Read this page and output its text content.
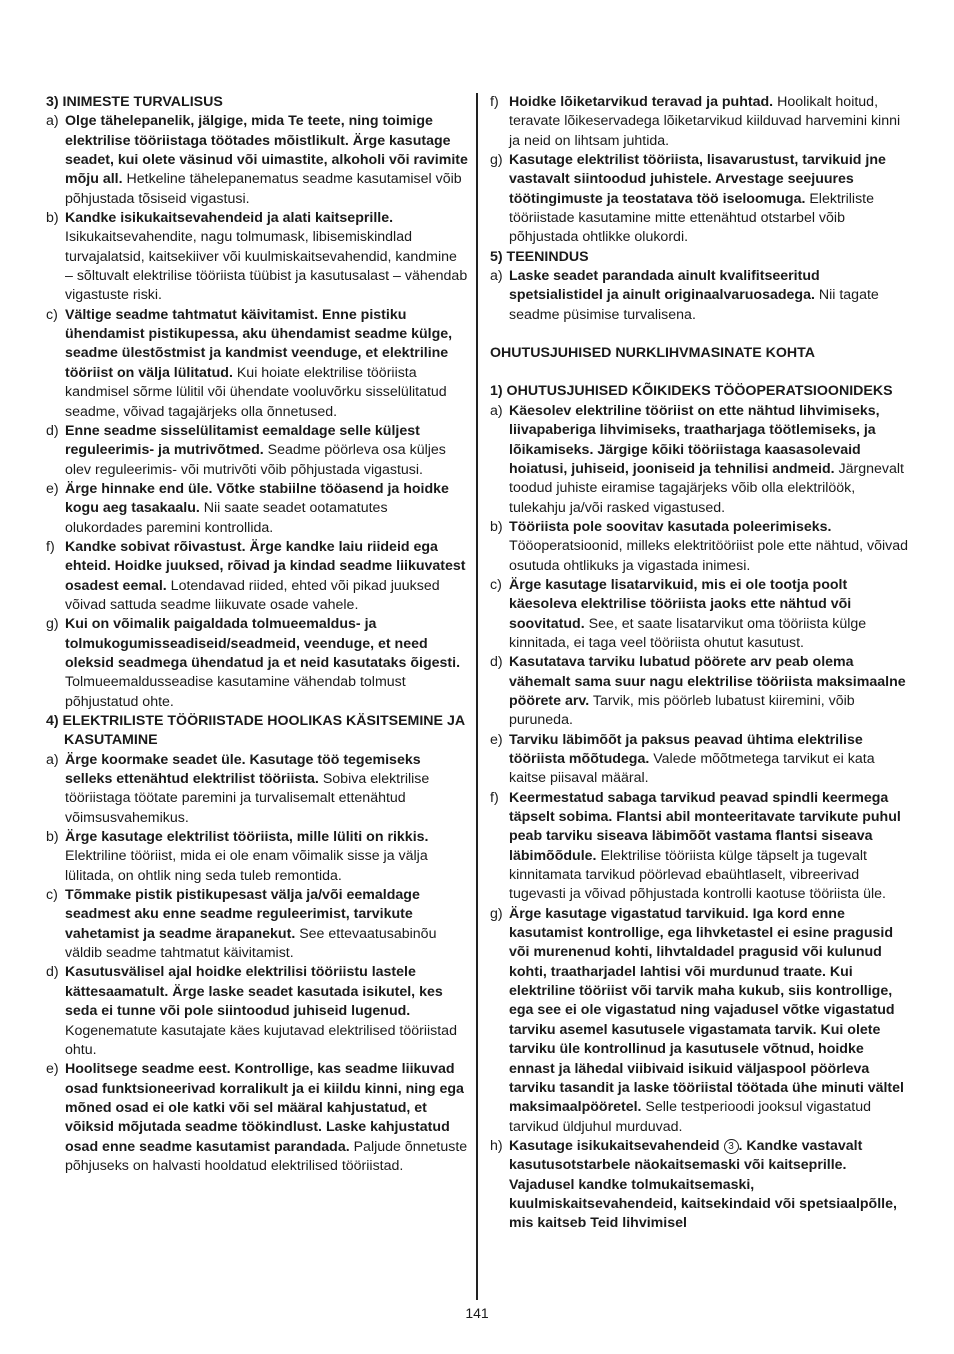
3) INIMESTE TURVALISUS
a) Olge tähelepanelik, jälgige, mida Te teete, ning toimige elektrilise tööriistaga töötades mõistlikult. Ärge kasutage seadet, kui olete väsinud või uimastite, alkoholi või ravimite mõju all. Hetkeline tähelepanematus seadme kasutamisel võib põhjustada tõsiseid vigastusi.
b) Kandke isikukaitsevahendeid ja alati kaitseprille. Isikukaitsevahendite, nagu tolmumask, libisemiskindlad turvajalatsid, kaitsekiiver või kuulmiskaitsevahendid, kandmine – sõltuvalt elektrilise tööriista tüübist ja kasutusalast – vähendab vigastuste riski.
c) Vältige seadme tahtmatut käivitamist. Enne pistiku ühendamist pistikupessa, aku ühendamist seadme külge, seadme ülestõstmist ja kandmist veenduge, et elektriline tööriist on välja lülitatud. Kui hoiate elektrilise tööriista kandmisel sõrme lülitil või ühendate vooluvõrku sisselülitatud seadme, võivad tagajärjeks olla õnnetused.
d) Enne seadme sisselülitamist eemaldage selle küljest reguleerimis- ja mutrivõtmed. Seadme pöörleva osa küljes olev reguleerimis- või mutrivõti võib põhjustada vigastusi.
e) Ärge hinnake end üle. Võtke stabiilne tööasend ja hoidke kogu aeg tasakaalu. Nii saate seadet ootamatutes olukordades paremini kontrollida.
f) Kandke sobivat rõivastust. Ärge kandke laiu riideid ega ehteid. Hoidke juuksed, rõivad ja kindad seadme liikuvatest osadest eemal. Lotendavad riided, ehted või pikad juuksed võivad sattuda seadme liikuvate osade vahele.
g) Kui on võimalik paigaldada tolmueemaldus- ja tolmukogumisseadiseid/seadmeid, veenduge, et need oleksid seadmega ühendatud ja et neid kasutataks õigesti. Tolmueemaldusseadise kasutamine vähendab tolmust põhjustatud ohte.
4) ELEKTRILISTE TÖÖRIISTADE HOOLIKAS KÄSITSEMINE JA KASUTAMINE
a) Ärge koormake seadet üle. Kasutage töö tegemiseks selleks ettenähtud elektrilist tööriista. Sobiva elektrilise tööriistaga töötate paremini ja turvalisemalt ettenähtud võimsusvahemikus.
b) Ärge kasutage elektrilist tööriista, mille lüliti on rikkis. Elektriline tööriist, mida ei ole enam võimalik sisse ja välja lülitada, on ohtlik ning seda tuleb remontida.
c) Tõmmake pistik pistikupesast välja ja/või eemaldage seadmest aku enne seadme reguleerimist, tarvikute vahetamist ja seadme ärapanekut. See ettevaatusabinõu väldib seadme tahtmatut käivitamist.
d) Kasutusvälisel ajal hoidke elektrilisi tööriistu lastele kättesaamatult. Ärge laske seadet kasutada isikutel, kes seda ei tunne või pole siintoodud juhiseid lugenud. Kogenematute kasutajate käes kujutavad elektrilised tööriistad ohtu.
e) Hoolitsege seadme eest. Kontrollige, kas seadme liikuvad osad funktsioneerivad korralikult ja ei kiildu kinni, ning ega mõned osad ei ole katki või sel määral kahjustatud, et võiksid mõjutada seadme töökindlust. Laske kahjustatud osad enne seadme kasutamist parandada. Paljude õnnetuste põhjuseks on halvasti hooldatud elektrilised tööriistad.
f) Hoidke lõiketarvikud teravad ja puhtad. Hoolikalt hoitud, teravate lõikeservadega lõiketarvikud kiilduvad harvemini kinni ja neid on lihtsam juhtida.
g) Kasutage elektrilist tööriista, lisavarustust, tarvikuid jne vastavalt siintoodud juhistele. Arvestage seejuures töötingimuste ja teostatava töö iseloomuga. Elektriliste tööriistade kasutamine mitte ettenähtud otstarbel võib põhjustada ohtlikke olukordi.
5) TEENINDUS
a) Laske seadet parandada ainult kvalifitseeritud spetsialistidel ja ainult originaalvaruosadega. Nii tagate seadme püsimise turvalisena.
OHUTUSJUHISED NURKLIHVMASINATE KOHTA
1) OHUTUSJUHISED KÕIKIDEKS TÖÖOPERATSIOONIDEKS
a) Käesolev elektriline tööriist on ette nähtud lihvimiseks, liivapaberiga lihvimiseks, traatharjaga töötlemiseks, ja lõikamiseks. Järgige kõiki tööriistaga kaasasolevaid hoiatusi, juhiseid, jooniseid ja tehnilisi andmeid. Järgnevalt toodud juhiste eiramise tagajärjeks võib olla elektrilöök, tulekahju ja/või rasked vigastused.
b) Tööriista pole soovitav kasutada poleerimiseks. Tööoperatsioonid, milleks elektritööriist pole ette nähtud, võivad osutuda ohtlikuks ja vigastada inimesi.
c) Ärge kasutage lisatarvikuid, mis ei ole tootja poolt käesoleva elektrilise tööriista jaoks ette nähtud või soovitatud. See, et saate lisatarvikut oma tööriista külge kinnitada, ei taga veel tööriista ohutut kasutust.
d) Kasutatava tarviku lubatud pöörete arv peab olema vähemalt sama suur nagu elektrilise tööriista maksimaalne pöörete arv. Tarvik, mis pöörleb lubatust kiiremini, võib puruneda.
e) Tarviku läbimõõt ja paksus peavad ühtima elektrilise tööriista mõõtudega. Valede mõõtmetega tarvikut ei kata kaitse piisaval määral.
f) Keermestatud sabaga tarvikud peavad spindli keermega täpselt sobima. Flantsi abil monteeritavate tarvikute puhul peab tarviku siseava läbimõõt vastama flantsi siseava läbimõõdule. Elektrilise tööriista külge täpselt ja tugevalt kinnitamata tarvikud pöörlevad ebaühtlaselt, vibreerivad tugevasti ja võivad põhjustada kontrolli kaotuse tööriista üle.
g) Ärge kasutage vigastatud tarvikuid. Iga kord enne kasutamist kontrollige, ega lihvketastel ei esine pragusid või murenenud kohti, lihvtaldadel pragusid või kulunud kohti, traatharjadel lahtisi või murdunud traate. Kui elektriline tööriist või tarvik maha kukub, siis kontrollige, ega see ei ole vigastatud ning vajadusel võtke vigastatud tarviku asemel kasutusele vigastamata tarvik. Kui olete tarviku üle kontrollinud ja kasutusele võtnud, hoidke ennast ja lähedal viibivaid isikuid väljaspool pöörleva tarviku tasandit ja laske tööriistal töötada ühe minuti vältel maksimaalpööretel. Selle testperioodi jooksul vigastatud tarvikud üldjuhul murduvad.
h) Kasutage isikukaitsevahendeid 3 . Kandke vastavalt kasutusotstarbele näokaitsemaski või kaitseprille. Vajadusel kandke tolmukaitsemaski, kuulmiskaitsevahendeid, kaitsekindaid või spetsiaalpõlle, mis kaitseb Teid lihvimisel
141
